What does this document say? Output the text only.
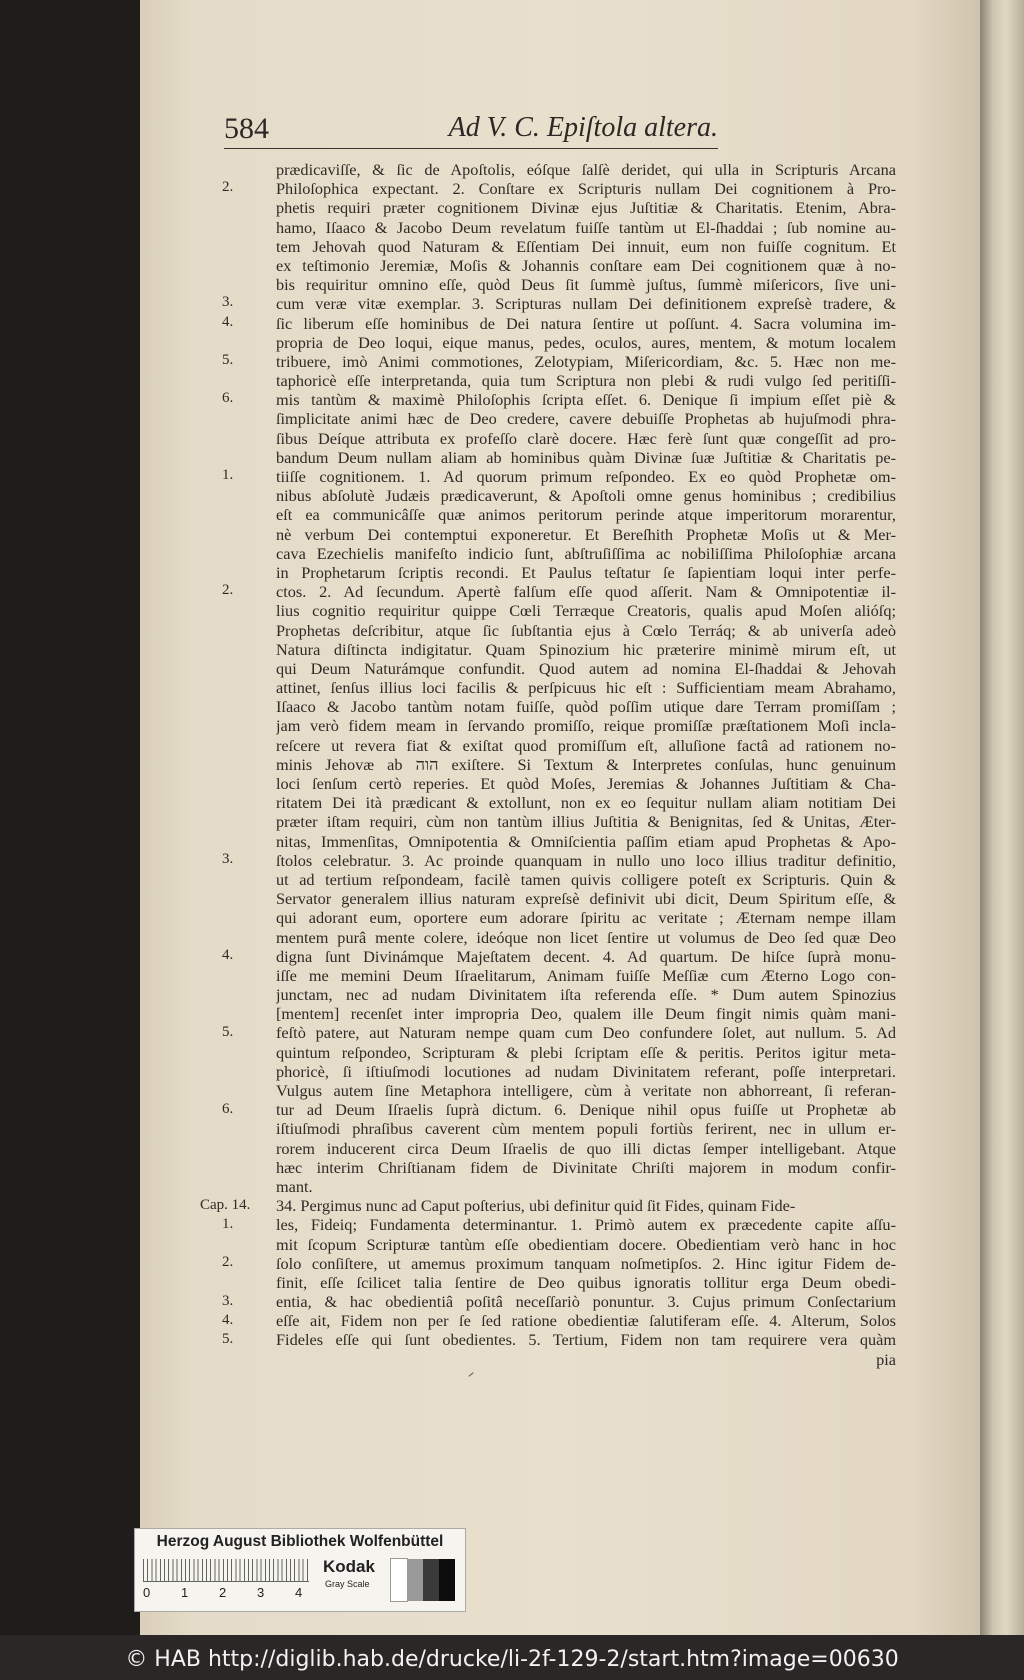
584	Ad V. C. Epiſtola altera.
2.
3.
4.
5.
6.
1.
2.
3.
4.
5.
6.
Cap. 14.
1.
2.
3.
4.
5.
prædicaviſſe, & ſic de Apoſtolis, eóſque ſalſè deridet, qui ulla in Scripturis Arcana
Philoſophica expectant. 2. Conſtare ex Scripturis nullam Dei cognitionem à Pro-
phetis requiri præter cognitionem Divinæ ejus Juſtitiæ & Charitatis. Etenim, Abra-
hamo, Iſaaco & Jacobo Deum revelatum fuiſſe tantùm ut El-ſhaddai ; ſub nomine au-
tem Jehovah quod Naturam & Eſſentiam Dei innuit, eum non fuiſſe cognitum. Et
ex teſtimonio Jeremiæ, Moſis & Johannis conſtare eam Dei cognitionem quæ à no-
bis requiritur omnino eſſe, quòd Deus ſit ſummè juſtus, ſummè miſericors, ſive uni-
cum veræ vitæ exemplar. 3. Scripturas nullam Dei definitionem expreſsè tradere, &
ſic liberum eſſe hominibus de Dei natura ſentire ut poſſunt. 4. Sacra volumina im-
propria de Deo loqui, eique manus, pedes, oculos, aures, mentem, & motum localem
tribuere, imò Animi commotiones, Zelotypiam, Miſericordiam, &c. 5. Hæc non me-
taphoricè eſſe interpretanda, quia tum Scriptura non plebi & rudi vulgo ſed peritiſſi-
mis tantùm & maximè Philoſophis ſcripta eſſet. 6. Denique ſi impium eſſet piè &
ſimplicitate animi hæc de Deo credere, cavere debuiſſe Prophetas ab hujuſmodi phra-
ſibus Deíque attributa ex profeſſo clarè docere. Hæc ferè ſunt quæ congeſſit ad pro-
bandum Deum nullam aliam ab hominibus quàm Divinæ ſuæ Juſtitiæ & Charitatis pe-
tiiſſe cognitionem. 1. Ad quorum primum reſpondeo. Ex eo quòd Prophetæ om-
nibus abſolutè Judæis prædicaverunt, & Apoſtoli omne genus hominibus ; credibilius
eſt ea communicâſſe quæ animos peritorum perinde atque imperitorum morarentur,
nè verbum Dei contemptui exponeretur. Et Bereſhith Prophetæ Moſis ut & Mer-
cava Ezechielis manifeſto indicio ſunt, abſtruſiſſima ac nobiliſſima Philoſophiæ arcana
in Prophetarum ſcriptis recondi. Et Paulus teſtatur ſe ſapientiam loqui inter perfe-
ctos. 2. Ad ſecundum. Apertè falſum eſſe quod aſſerit. Nam & Omnipotentiæ il-
lius cognitio requiritur quippe Cœli Terræque Creatoris, qualis apud Moſen alióſq;
Prophetas deſcribitur, atque ſic ſubſtantia ejus à Cœlo Terráq; & ab univerſa adeò
Natura diſtincta indigitatur. Quam Spinozium hic præterire minimè mirum eſt, ut
qui Deum Naturámque confundit. Quod autem ad nomina El-ſhaddai & Jehovah
attinet, ſenſus illius loci facilis & perſpicuus hic eſt : Sufficientiam meam Abrahamo,
Iſaaco & Jacobo tantùm notam fuiſſe, quòd poſſim utique dare Terram promiſſam ;
jam verò fidem meam in ſervando promiſſo, reique promiſſæ præſtationem Moſi incla-
reſcere ut revera fiat & exiſtat quod promiſſum eſt, alluſione factâ ad rationem no-
minis Jehovæ ab הוה exiſtere. Si Textum & Interpretes conſulas, hunc genuinum
loci ſenſum certò reperies. Et quòd Moſes, Jeremias & Johannes Juſtitiam & Cha-
ritatem Dei ità prædicant & extollunt, non ex eo ſequitur nullam aliam notitiam Dei
præter iſtam requiri, cùm non tantùm illius Juſtitia & Benignitas, ſed & Unitas, Æter-
nitas, Immenſitas, Omnipotentia & Omniſcientia paſſim etiam apud Prophetas & Apo-
ſtolos celebratur. 3. Ac proinde quanquam in nullo uno loco illius traditur definitio,
ut ad tertium reſpondeam, facilè tamen quivis colligere poteſt ex Scripturis. Quin &
Servator generalem illius naturam expreſsè definivit ubi dicit, Deum Spiritum eſſe, &
qui adorant eum, oportere eum adorare ſpiritu ac veritate ; Æternam nempe illam
mentem purâ mente colere, ideóque non licet ſentire ut volumus de Deo ſed quæ Deo
digna ſunt Divinámque Majeſtatem decent. 4. Ad quartum. De hiſce ſuprà monu-
iſſe me memini Deum Iſraelitarum, Animam fuiſſe Meſſiæ cum Æterno Logo con-
junctam, nec ad nudam Divinitatem iſta referenda eſſe. * Dum autem Spinozius
[mentem] recenſet inter impropria Deo, qualem ille Deum fingit nimis quàm mani-
feſtò patere, aut Naturam nempe quam cum Deo confundere ſolet, aut nullum. 5. Ad
quintum reſpondeo, Scripturam & plebi ſcriptam eſſe & peritis. Peritos igitur meta-
phoricè, ſi iſtiuſmodi locutiones ad nudam Divinitatem referant, poſſe interpretari.
Vulgus autem ſine Metaphora intelligere, cùm à veritate non abhorreant, ſi referan-
tur ad Deum Iſraelis ſuprà dictum. 6. Denique nihil opus fuiſſe ut Prophetæ ab
iſtiuſmodi phraſibus caverent cùm mentem populi fortiùs ferirent, nec in ullum er-
rorem inducerent circa Deum Iſraelis de quo illi dictas ſemper intelligebant. Atque
hæc interim Chriſtianam fidem de Divinitate Chriſti majorem in modum confir-
mant.
34. Pergimus nunc ad Caput poſterius, ubi definitur quid ſit Fides, quinam Fide-
les, Fideiq; Fundamenta determinantur. 1. Primò autem ex præcedente capite aſſu-
mit ſcopum Scripturæ tantùm eſſe obedientiam docere. Obedientiam verò hanc in hoc
ſolo conſiſtere, ut amemus proximum tanquam noſmetipſos. 2. Hinc igitur Fidem de-
finit, eſſe ſcilicet talia ſentire de Deo quibus ignoratis tollitur erga Deum obedi-
entia, & hac obedientiâ poſitâ neceſſariò ponuntur. 3. Cujus primum Conſectarium
eſſe ait, Fidem non per ſe ſed ratione obedientiæ ſalutiferam eſſe. 4. Alterum, Solos
Fideles eſſe qui ſunt obedientes. 5. Tertium, Fidem non tam requirere vera quàm
pia
Herzog August Bibliothek Wolfenbüttel
0 1 2 3 4
Kodak
Gray Scale
© HAB http://diglib.hab.de/drucke/li-2f-129-2/start.htm?image=00630
